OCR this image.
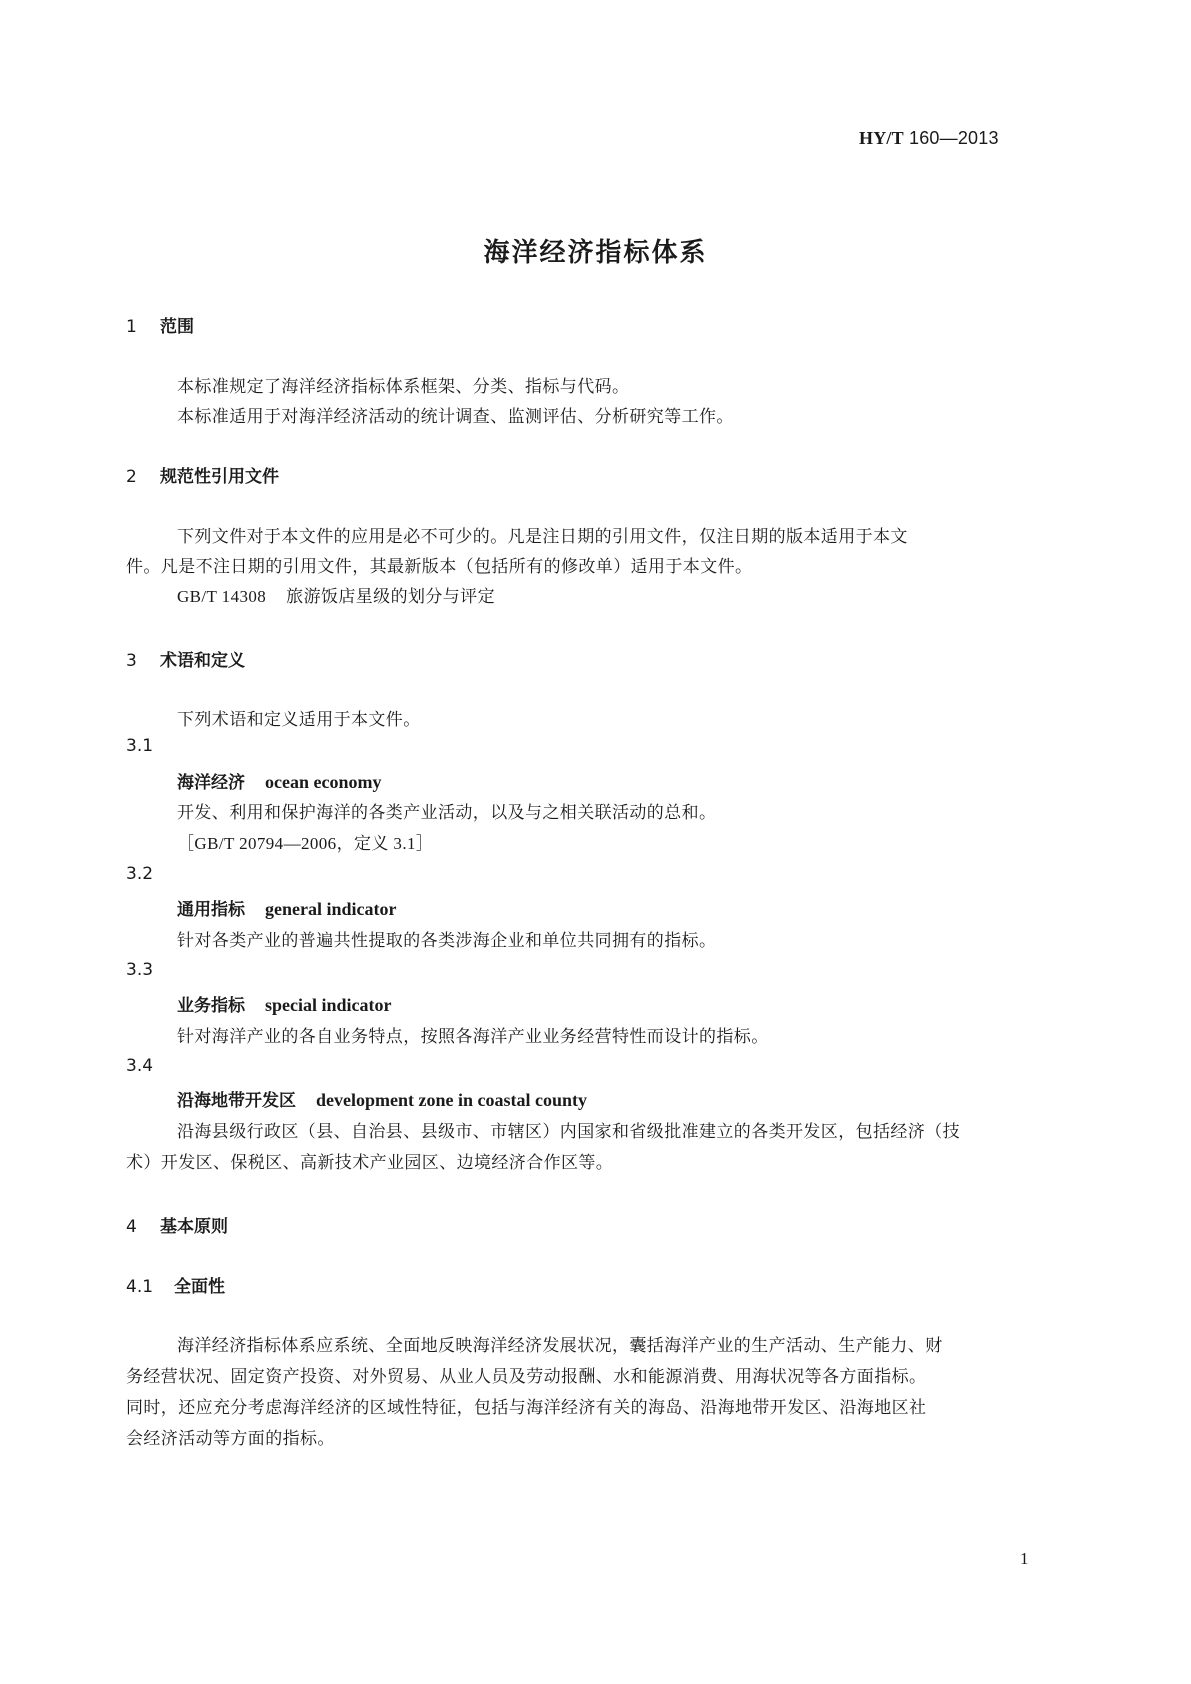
HY/T 160—2013
海洋经济指标体系
1 范围
本标准规定了海洋经济指标体系框架、分类、指标与代码。
本标准适用于对海洋经济活动的统计调查、监测评估、分析研究等工作。
2 规范性引用文件
下列文件对于本文件的应用是必不可少的。凡是注日期的引用文件，仅注日期的版本适用于本文
件。凡是不注日期的引用文件，其最新版本（包括所有的修改单）适用于本文件。
GB/T 14308 旅游饭店星级的划分与评定
3 术语和定义
下列术语和定义适用于本文件。
3.1
海洋经济 ocean economy
开发、利用和保护海洋的各类产业活动，以及与之相关联活动的总和。
［GB/T 20794—2006，定义 3.1］
3.2
通用指标 general indicator
针对各类产业的普遍共性提取的各类涉海企业和单位共同拥有的指标。
3.3
业务指标 special indicator
针对海洋产业的各自业务特点，按照各海洋产业业务经营特性而设计的指标。
3.4
沿海地带开发区 development zone in coastal county
沿海县级行政区（县、自治县、县级市、市辖区）内国家和省级批准建立的各类开发区，包括经济（技
术）开发区、保税区、高新技术产业园区、边境经济合作区等。
4 基本原则
4.1 全面性
海洋经济指标体系应系统、全面地反映海洋经济发展状况，囊括海洋产业的生产活动、生产能力、财
务经营状况、固定资产投资、对外贸易、从业人员及劳动报酬、水和能源消费、用海状况等各方面指标。
同时，还应充分考虑海洋经济的区域性特征，包括与海洋经济有关的海岛、沿海地带开发区、沿海地区社
会经济活动等方面的指标。
1
